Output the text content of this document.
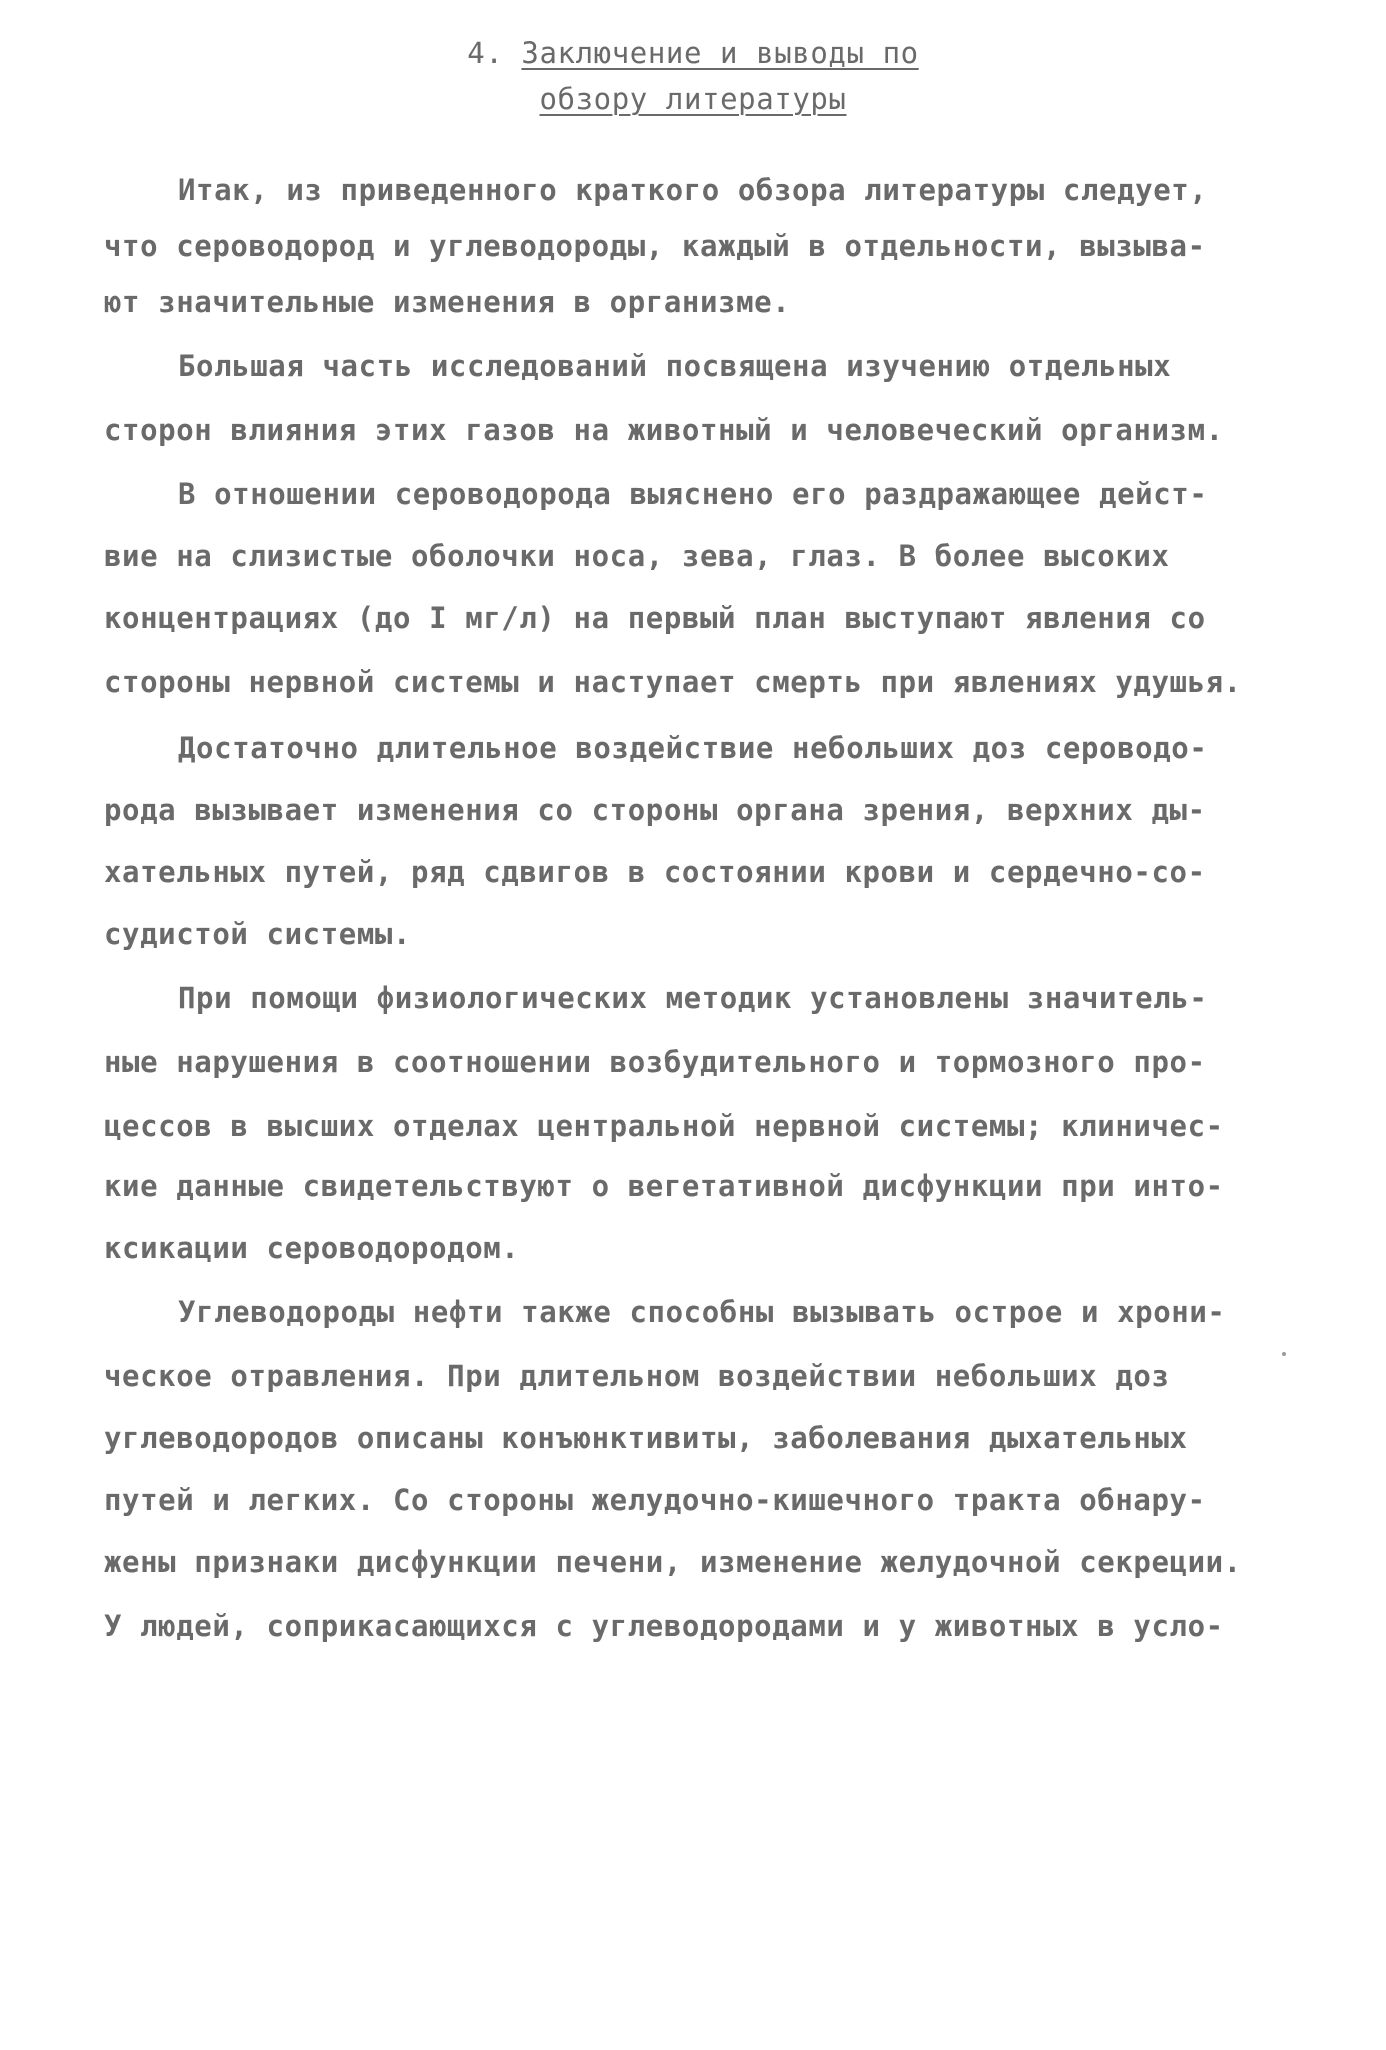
4. Заключение и выводы по
обзору литературы
Итак, из приведенного краткого обзора литературы следует,
что сероводород и углеводороды, каждый в отдельности, вызыва-
ют значительные изменения в организме.
Большая часть исследований посвящена изучению отдельных
сторон влияния этих газов на животный и человеческий организм.
В отношении сероводорода выяснено его раздражающее дейст-
вие на слизистые оболочки носа, зева, глаз. В более высоких
концентрациях (до I мг/л) на первый план выступают явления со
стороны нервной системы и наступает смерть при явлениях удушья.
Достаточно длительное воздействие небольших доз сероводо-
рода вызывает изменения со стороны органа зрения, верхних ды-
хательных путей, ряд сдвигов в состоянии крови и сердечно-со-
судистой системы.
При помощи физиологических методик установлены значитель-
ные нарушения в соотношении возбудительного и тормозного про-
цессов в высших отделах центральной нервной системы; клиничес-
кие данные свидетельствуют о вегетативной дисфункции при инто-
ксикации сероводородом.
Углеводороды нефти также способны вызывать острое и хрони-
ческое отравления. При длительном воздействии небольших доз
углеводородов описаны конъюнктивиты, заболевания дыхательных
путей и легких. Со стороны желудочно-кишечного тракта обнару-
жены признаки дисфункции печени, изменение желудочной секреции.
У людей, соприкасающихся с углеводородами и у животных в усло-
